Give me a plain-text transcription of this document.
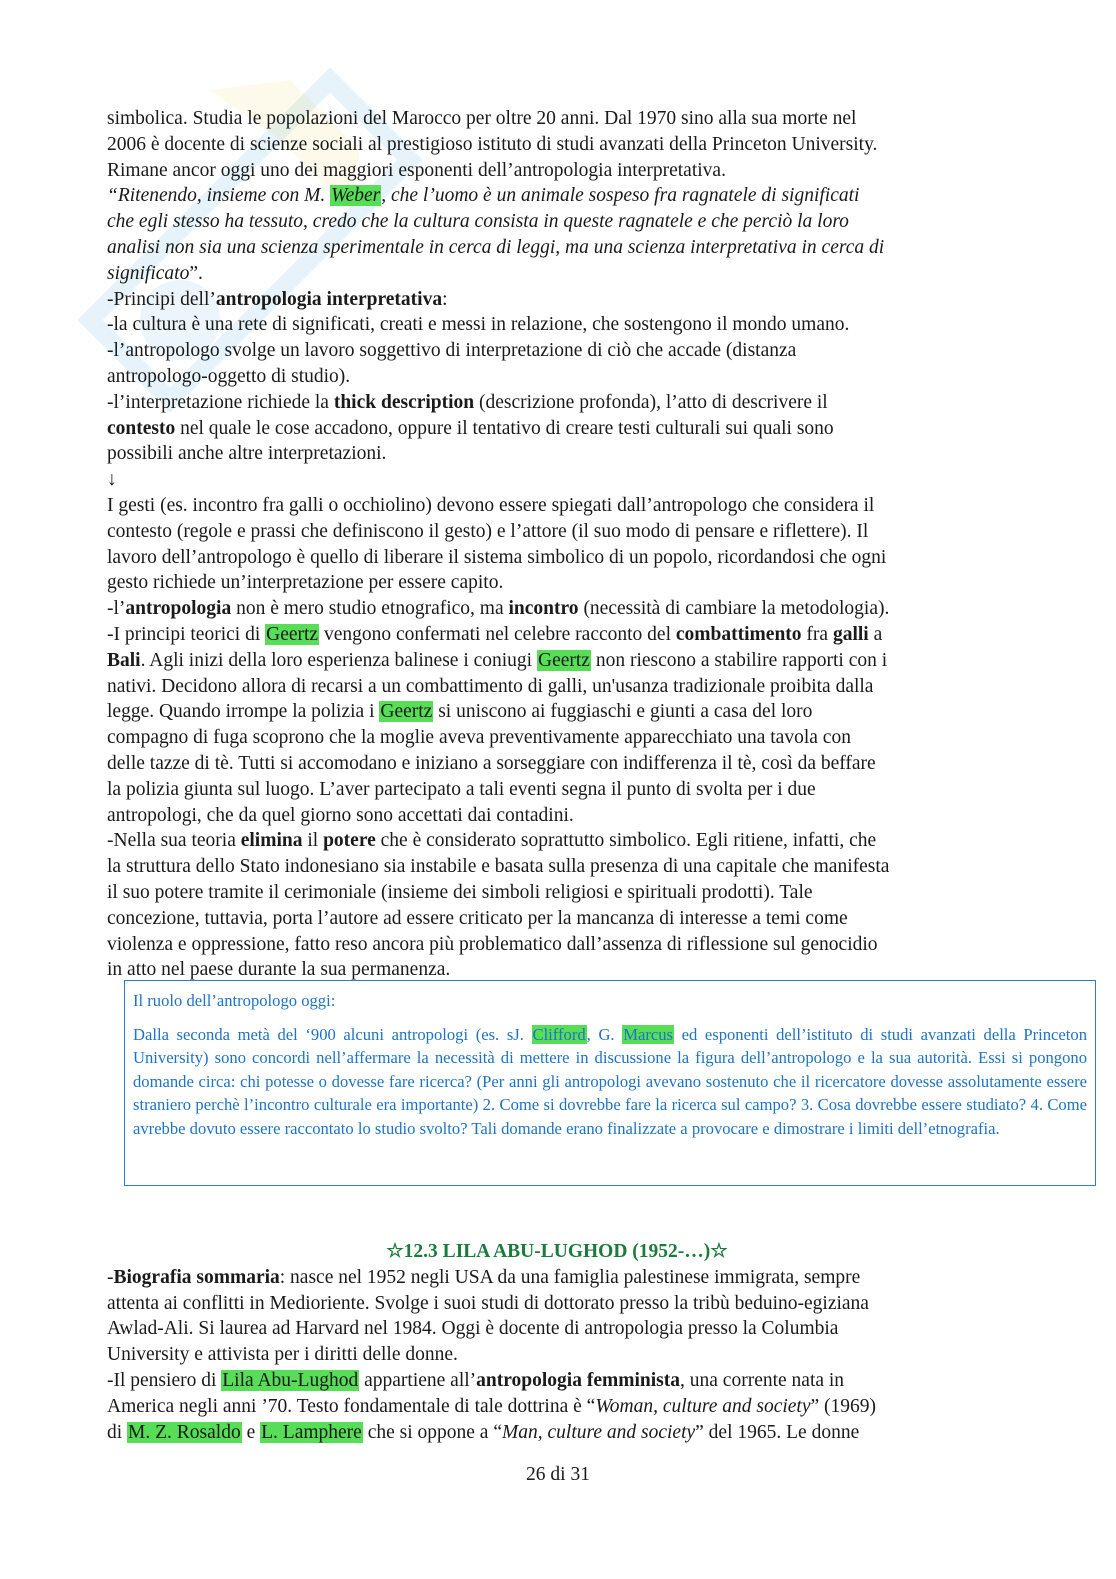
simbolica. Studia le popolazioni del Marocco per oltre 20 anni. Dal 1970 sino alla sua morte nel

2006 è docente di scienze sociali al prestigioso istituto di studi avanzati della Princeton University.

Rimane ancor oggi uno dei maggiori esponenti dell’antropologia interpretativa.

“Ritenendo, insieme con M. Weber, che l’uomo è un animale sospeso fra ragnatele di significati

che egli stesso ha tessuto, credo che la cultura consista in queste ragnatele e che perciò la loro

analisi non sia una scienza sperimentale in cerca di leggi, ma una scienza interpretativa in cerca di

significato”.

-Principi dell’antropologia interpretativa:

-la cultura è una rete di significati, creati e messi in relazione, che sostengono il mondo umano.

-l’antropologo svolge un lavoro soggettivo di interpretazione di ciò che accade (distanza

antropologo-oggetto di studio).

-l’interpretazione richiede la thick description (descrizione profonda), l’atto di descrivere il

contesto nel quale le cose accadono, oppure il tentativo di creare testi culturali sui quali sono

possibili anche altre interpretazioni.

↓

I gesti (es. incontro fra galli o occhiolino) devono essere spiegati dall’antropologo che considera il

contesto (regole e prassi che definiscono il gesto) e l’attore (il suo modo di pensare e riflettere). Il

lavoro dell’antropologo è quello di liberare il sistema simbolico di un popolo, ricordandosi che ogni

gesto richiede un’interpretazione per essere capito.

-l’antropologia non è mero studio etnografico, ma incontro (necessità di cambiare la metodologia).

-I principi teorici di Geertz vengono confermati nel celebre racconto del combattimento fra galli a

Bali. Agli inizi della loro esperienza balinese i coniugi Geertz non riescono a stabilire rapporti con i

nativi. Decidono allora di recarsi a un combattimento di galli, un'usanza tradizionale proibita dalla

legge. Quando irrompe la polizia i Geertz si uniscono ai fuggiaschi e giunti a casa del loro

compagno di fuga scoprono che la moglie aveva preventivamente apparecchiato una tavola con

delle tazze di tè. Tutti si accomodano e iniziano a sorseggiare con indifferenza il tè, così da beffare

la polizia giunta sul luogo. L’aver partecipato a tali eventi segna il punto di svolta per i due

antropologi, che da quel giorno sono accettati dai contadini.

-Nella sua teoria elimina il potere che è considerato soprattutto simbolico. Egli ritiene, infatti, che

la struttura dello Stato indonesiano sia instabile e basata sulla presenza di una capitale che manifesta

il suo potere tramite il cerimoniale (insieme dei simboli religiosi e spirituali prodotti). Tale

concezione, tuttavia, porta l’autore ad essere criticato per la mancanza di interesse a temi come

violenza e oppressione, fatto reso ancora più problematico dall’assenza di riflessione sul genocidio

in atto nel paese durante la sua permanenza.

Il ruolo dell’antropologo oggi:

Dalla seconda metà del ‘900 alcuni antropologi (es. sJ. Clifford, G. Marcus ed esponenti dell’istituto di studi avanzati della Princeton University) sono concordi nell’affermare la necessità di mettere in discussione la figura dell’antropologo e la sua autorità. Essi si pongono domande circa: chi potesse o dovesse fare ricerca? (Per anni gli antropologi avevano sostenuto che il ricercatore dovesse assolutamente essere straniero perchè l’incontro culturale era importante) 2. Come si dovrebbe fare la ricerca sul campo? 3. Cosa dovrebbe essere studiato? 4. Come avrebbe dovuto essere raccontato lo studio svolto? Tali domande erano finalizzate a provocare e dimostrare i limiti dell’etnografia.

☆12.3 LILA ABU-LUGHOD (1952-…)☆

-Biografia sommaria: nasce nel 1952 negli USA da una famiglia palestinese immigrata, sempre

attenta ai conflitti in Medioriente. Svolge i suoi studi di dottorato presso la tribù beduino-egiziana

Awlad-Ali. Si laurea ad Harvard nel 1984. Oggi è docente di antropologia presso la Columbia

University e attivista per i diritti delle donne.

-Il pensiero di Lila Abu-Lughod appartiene all’antropologia femminista, una corrente nata in

America negli anni ’70. Testo fondamentale di tale dottrina è “Woman, culture and society” (1969)

di M. Z. Rosaldo e L. Lamphere che si oppone a “Man, culture and society” del 1965. Le donne

26 di 31
